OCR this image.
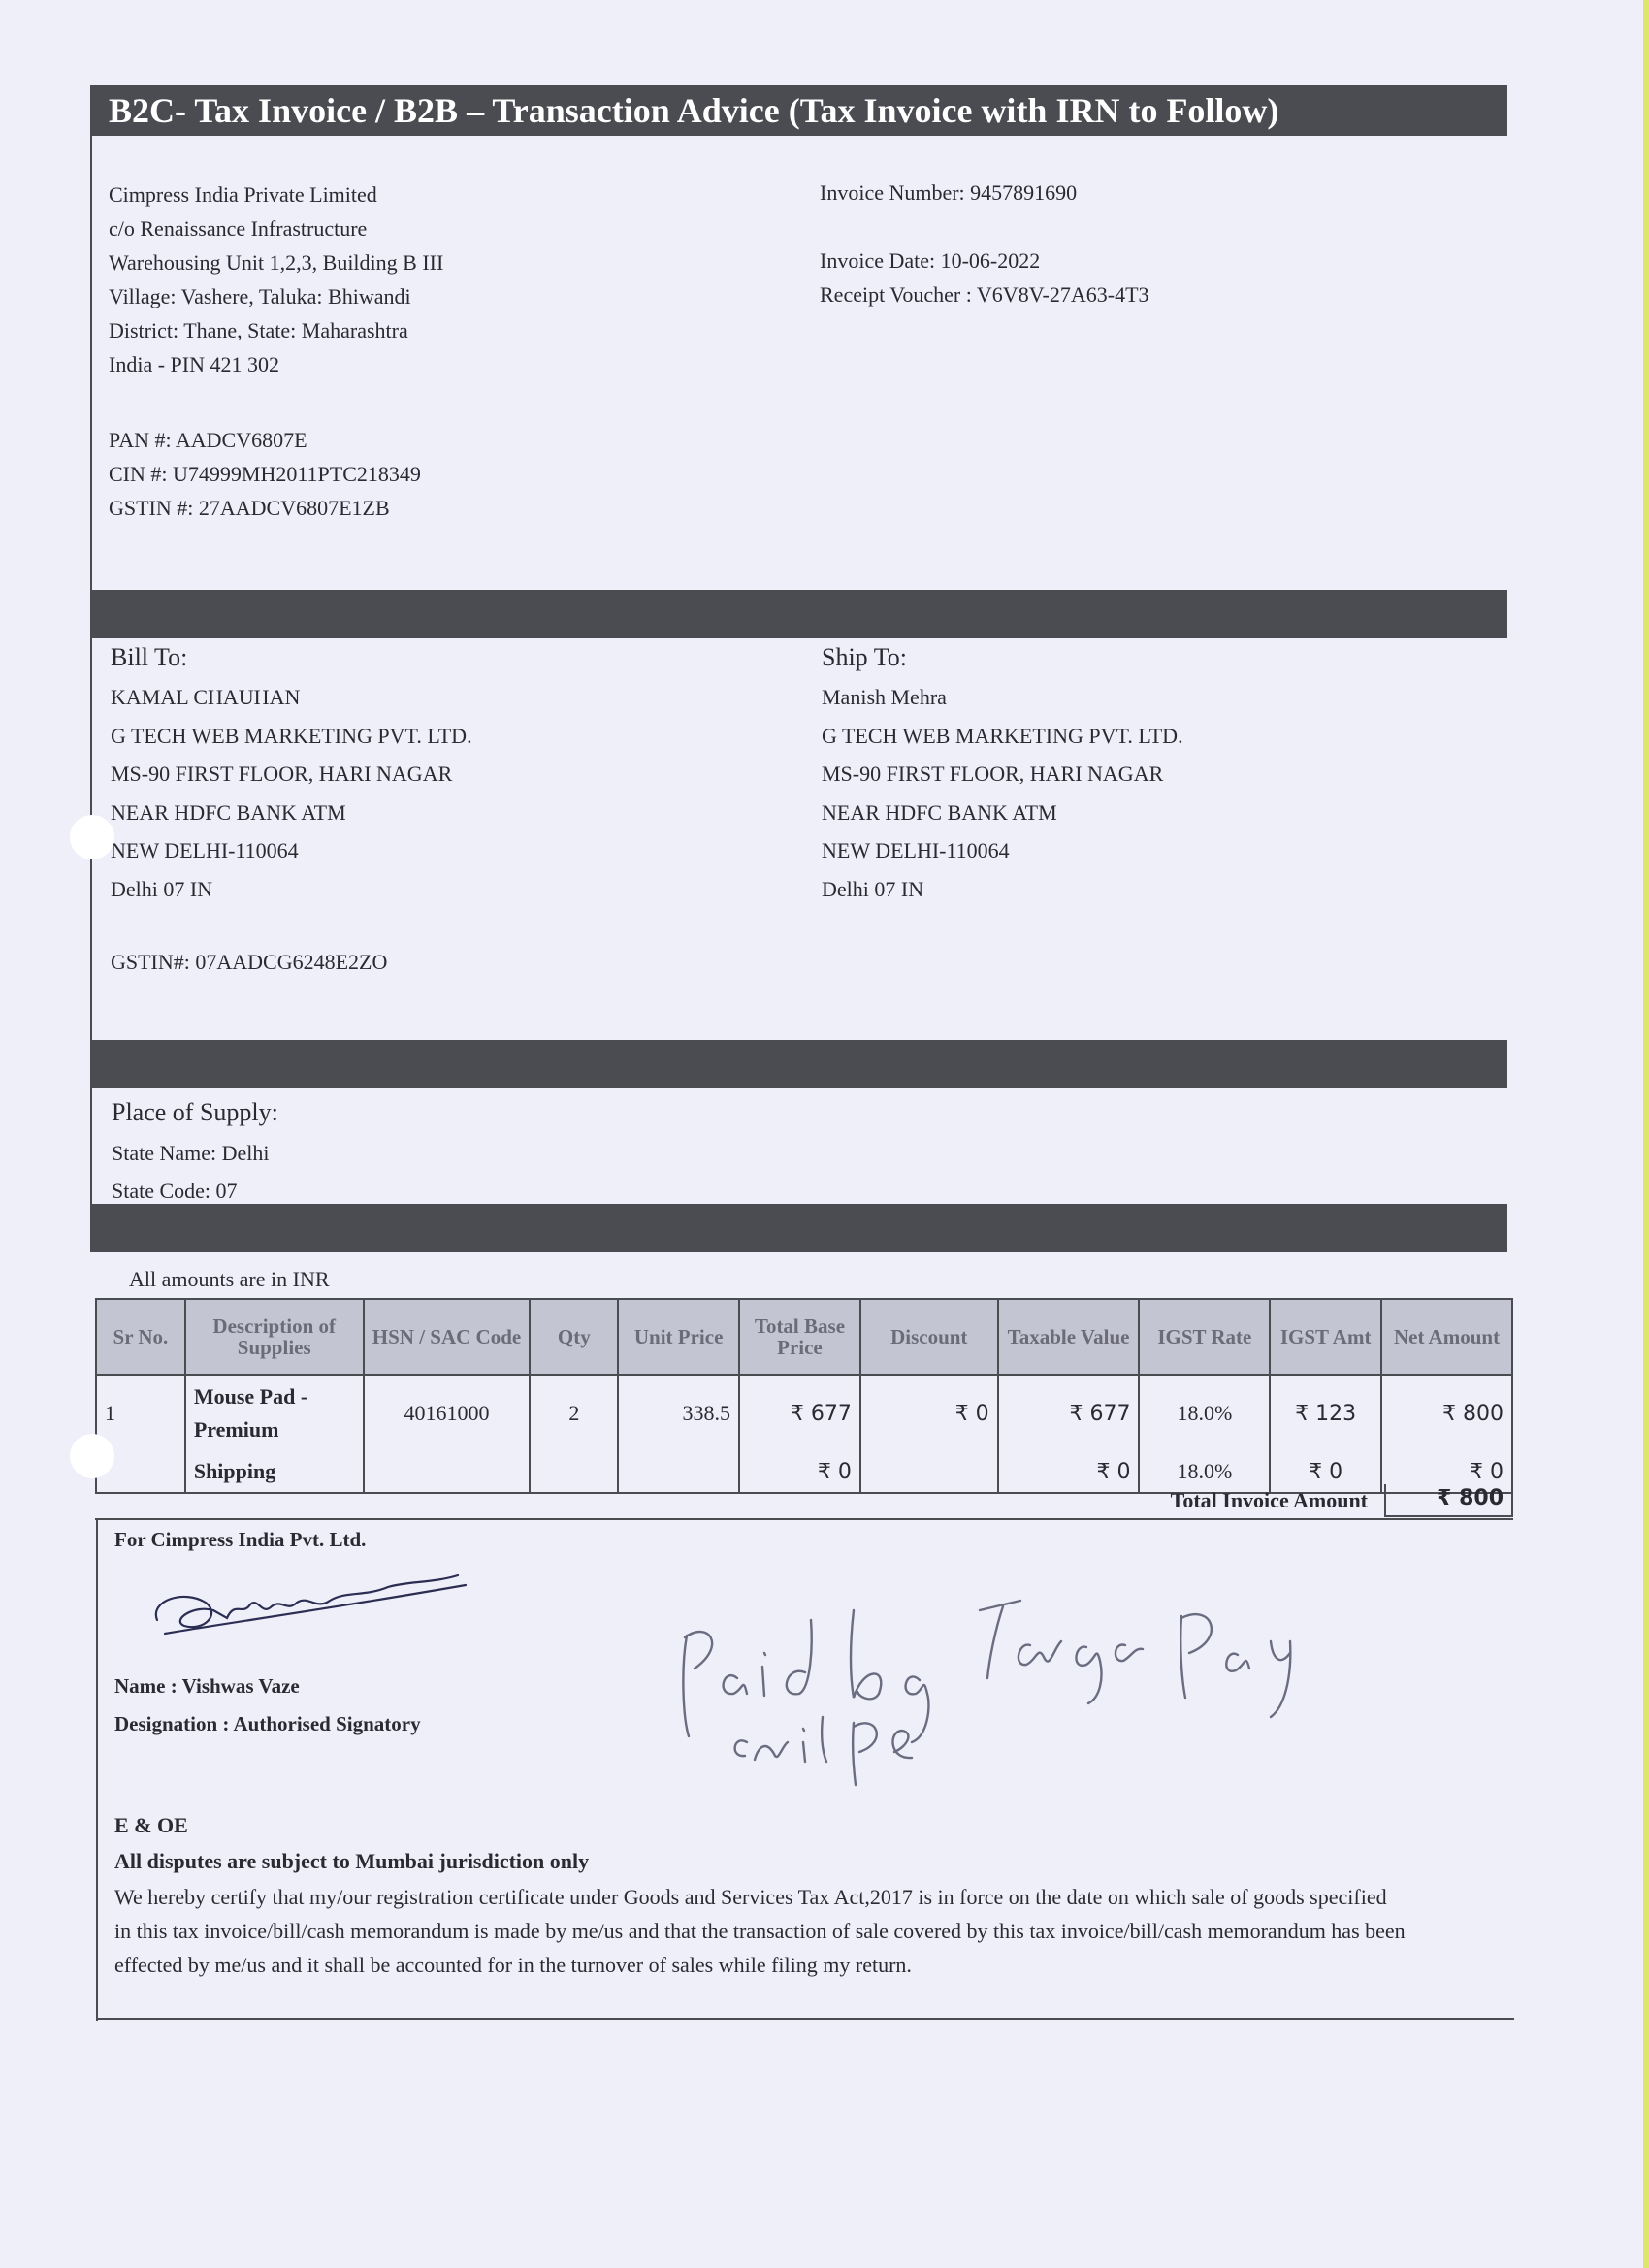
B2C- Tax Invoice / B2B – Transaction Advice (Tax Invoice with IRN to Follow)
Cimpress India Private Limited
c/o Renaissance Infrastructure
Warehousing Unit 1,2,3, Building B III
Village: Vashere, Taluka: Bhiwandi
District: Thane, State: Maharashtra
India - PIN 421 302
PAN #: AADCV6807E
CIN #: U74999MH2011PTC218349
GSTIN #: 27AADCV6807E1ZB
Invoice Number: 9457891690
Invoice Date: 10-06-2022
Receipt Voucher : V6V8V-27A63-4T3
Bill To:
KAMAL CHAUHAN
G TECH WEB MARKETING PVT. LTD.
MS-90 FIRST FLOOR, HARI NAGAR
NEAR HDFC BANK ATM
NEW DELHI-110064
Delhi 07 IN
GSTIN#: 07AADCG6248E2ZO
Ship To:
Manish Mehra
G TECH WEB MARKETING PVT. LTD.
MS-90 FIRST FLOOR, HARI NAGAR
NEAR HDFC BANK ATM
NEW DELHI-110064
Delhi 07 IN
Place of Supply:
State Name: Delhi
State Code: 07
All amounts are in INR
Sr No.	Description of Supplies	HSN / SAC Code	Qty	Unit Price	Total Base Price	Discount	Taxable Value	IGST Rate	IGST Amt	Net Amount
1	Mouse Pad - Premium	40161000	2	338.5	₹ 677	₹ 0	₹ 677	18.0%	₹ 123	₹ 800
	Shipping				₹ 0		₹ 0	18.0%	₹ 0	₹ 0
Total Invoice Amount	₹ 800
For Cimpress India Pvt. Ltd.
Name : Vishwas Vaze
Designation : Authorised Signatory
E & OE
All disputes are subject to Mumbai jurisdiction only
We hereby certify that my/our registration certificate under Goods and Services Tax Act,2017 is in force on the date on which sale of goods specified
in this tax invoice/bill/cash memorandum is made by me/us and that the transaction of sale covered by this tax invoice/bill/cash memorandum has been
effected by me/us and it shall be accounted for in the turnover of sales while filing my return.
